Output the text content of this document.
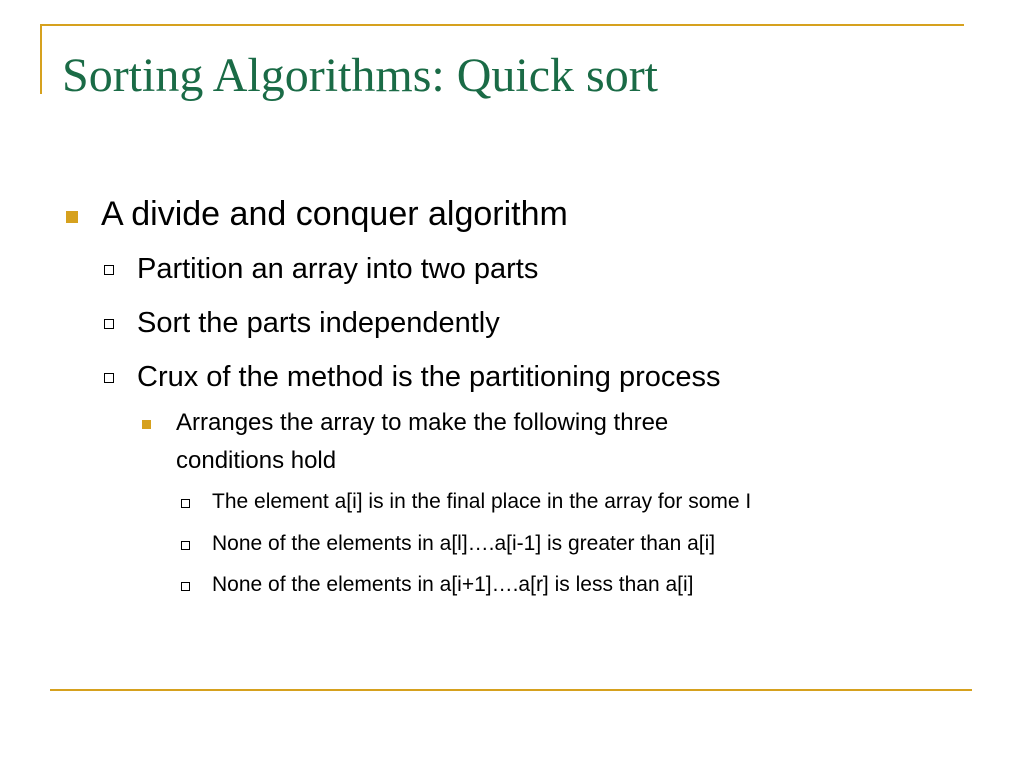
Sorting Algorithms: Quick sort
A divide and conquer algorithm
Partition an array into two parts
Sort the parts independently
Crux of the method is the partitioning process
Arranges the array to make the following three
conditions hold
The element a[i] is in the final place in the array for some I
None of the elements in a[l]….a[i-1] is greater than a[i]
None of the elements in a[i+1]….a[r] is less than a[i]
